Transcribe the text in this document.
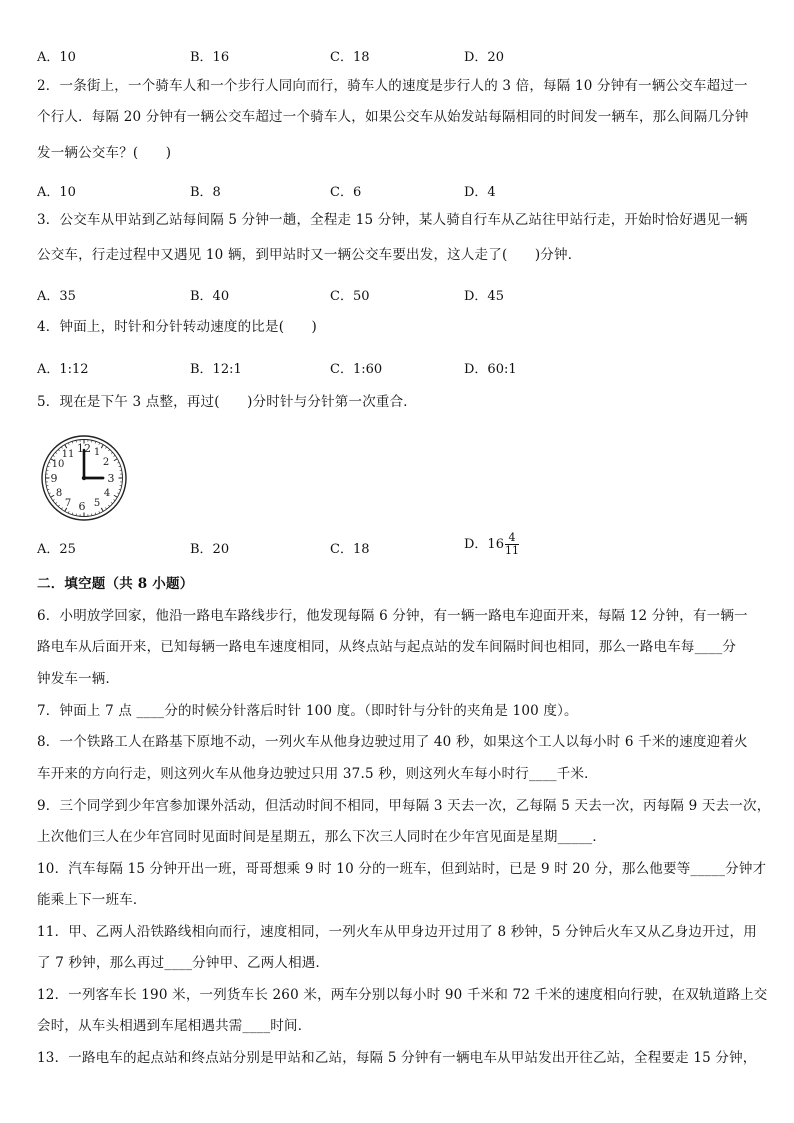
A．10	B．16	C．18	D．20
2．一条街上，一个骑车人和一个步行人同向而行，骑车人的速度是步行人的 3 倍，每隔 10 分钟有一辆公交车超过一
个行人．每隔 20 分钟有一辆公交车超过一个骑车人，如果公交车从始发站每隔相同的时间发一辆车，那么间隔几分钟
发一辆公交车？(　　)
A．10	B．8	C．6	D．4
3．公交车从甲站到乙站每间隔 5 分钟一趟，全程走 15 分钟，某人骑自行车从乙站往甲站行走，开始时恰好遇见一辆
公交车，行走过程中又遇见 10 辆，到甲站时又一辆公交车要出发，这人走了(　　)分钟．
A．35	B．40	C．50	D．45
4．钟面上，时针和分针转动速度的比是(　　)
A．1:12	B．12:1	C．1:60	D．60:1
5．现在是下午 3 点整，再过(　　)分时针与分针第一次重合．
12 1
2
3
4
5
6
7
8
9
10
11
A．25	B．20	C．18	D．$16 \frac{4}{11}$
二．填空题（共 8 小题）
6．小明放学回家，他沿一路电车路线步行，他发现每隔 6 分钟，有一辆一路电车迎面开来，每隔 12 分钟，有一辆一
路电车从后面开来，已知每辆一路电车速度相同，从终点站与起点站的发车间隔时间也相同，那么一路电车每____分
钟发车一辆．
7．钟面上 7 点 ____分的时候分针落后时针 100 度。（即时针与分针的夹角是 100 度）。
8．一个铁路工人在路基下原地不动，一列火车从他身边驶过用了 40 秒，如果这个工人以每小时 6 千米的速度迎着火
车开来的方向行走，则这列火车从他身边驶过只用 37.5 秒，则这列火车每小时行____千米．
9．三个同学到少年宫参加课外活动，但活动时间不相同，甲每隔 3 天去一次，乙每隔 5 天去一次，丙每隔 9 天去一次，
上次他们三人在少年宫同时见面时间是星期五，那么下次三人同时在少年宫见面是星期_____．
10．汽车每隔 15 分钟开出一班，哥哥想乘 9 时 10 分的一班车，但到站时，已是 9 时 20 分，那么他要等_____分钟才
能乘上下一班车．
11．甲、乙两人沿铁路线相向而行，速度相同，一列火车从甲身边开过用了 8 秒钟，5 分钟后火车又从乙身边开过，用
了 7 秒钟，那么再过____分钟甲、乙两人相遇．
12．一列客车长 190 米，一列货车长 260 米，两车分别以每小时 90 千米和 72 千米的速度相向行驶，在双轨道路上交
会时，从车头相遇到车尾相遇共需____时间．
13．一路电车的起点站和终点站分别是甲站和乙站，每隔 5 分钟有一辆电车从甲站发出开往乙站，全程要走 15 分钟，
